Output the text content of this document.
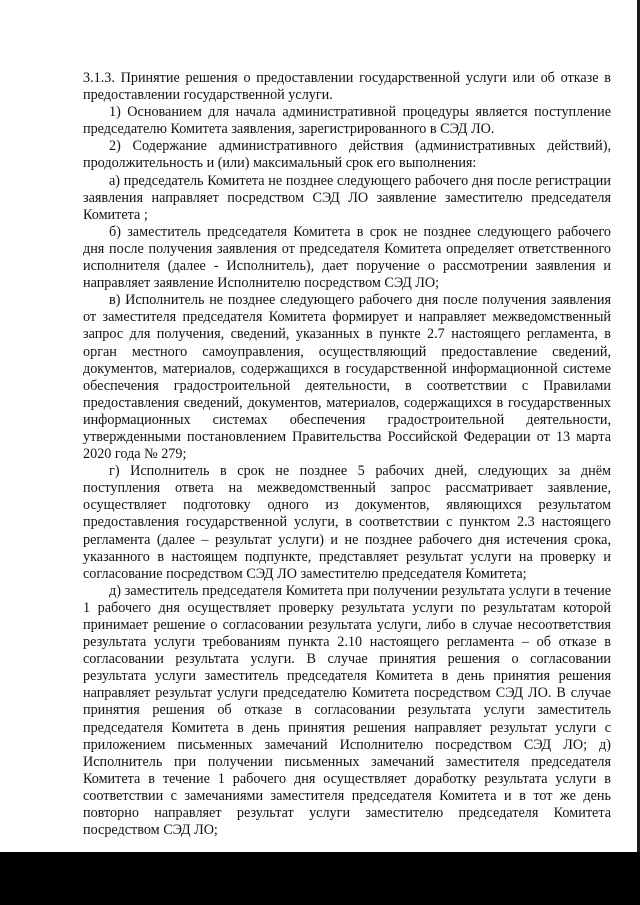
3.1.3. Принятие решения о предоставлении государственной услуги или об отказе в предоставлении государственной услуги.

1) Основанием для начала административной процедуры является поступление председателю Комитета заявления, зарегистрированного в СЭД ЛО.

2) Содержание административного действия (административных действий), продолжительность и (или) максимальный срок его выполнения:

а) председатель Комитета не позднее следующего рабочего дня после регистрации заявления направляет посредством СЭД ЛО заявление заместителю председателя Комитета ;

б) заместитель председателя Комитета в срок не позднее следующего рабочего дня после получения заявления от председателя Комитета определяет ответственного исполнителя (далее - Исполнитель), дает поручение о рассмотрении заявления и направляет заявление Исполнителю посредством СЭД ЛО;

в) Исполнитель не позднее следующего рабочего дня после получения заявления от заместителя председателя Комитета формирует и направляет межведомственный запрос для получения, сведений, указанных в пункте 2.7 настоящего регламента, в орган местного самоуправления, осуществляющий предоставление сведений, документов, материалов, содержащихся в государственной информационной системе обеспечения градостроительной деятельности, в соответствии с Правилами предоставления сведений, документов, материалов, содержащихся в государственных информационных системах обеспечения градостроительной деятельности, утвержденными постановлением Правительства Российской Федерации от 13 марта 2020 года № 279;

г) Исполнитель в срок не позднее 5 рабочих дней, следующих за днём поступления ответа на межведомственный запрос рассматривает заявление, осуществляет подготовку одного из документов, являющихся результатом предоставления государственной услуги, в соответствии с пунктом 2.3 настоящего регламента (далее – результат услуги) и не позднее рабочего дня истечения срока, указанного в настоящем подпункте, представляет результат услуги на проверку и согласование посредством СЭД ЛО заместителю председателя Комитета;

д) заместитель председателя Комитета при получении результата услуги в течение 1 рабочего дня осуществляет проверку результата услуги по результатам которой принимает решение о согласовании результата услуги, либо в случае несоответствия результата услуги требованиям пункта 2.10 настоящего регламента – об отказе в согласовании результата услуги. В случае принятия решения о согласовании результата услуги заместитель председателя Комитета в день принятия решения направляет результат услуги председателю Комитета посредством СЭД ЛО. В случае принятия решения об отказе в согласовании результата услуги заместитель председателя Комитета в день принятия решения направляет результат услуги с приложением письменных замечаний Исполнителю посредством СЭД ЛО; д) Исполнитель при получении письменных замечаний заместителя председателя Комитета в течение 1 рабочего дня осуществляет доработку результата услуги в соответствии с замечаниями заместителя председателя Комитета и в тот же день повторно направляет результат услуги заместителю председателя Комитета посредством СЭД ЛО;
